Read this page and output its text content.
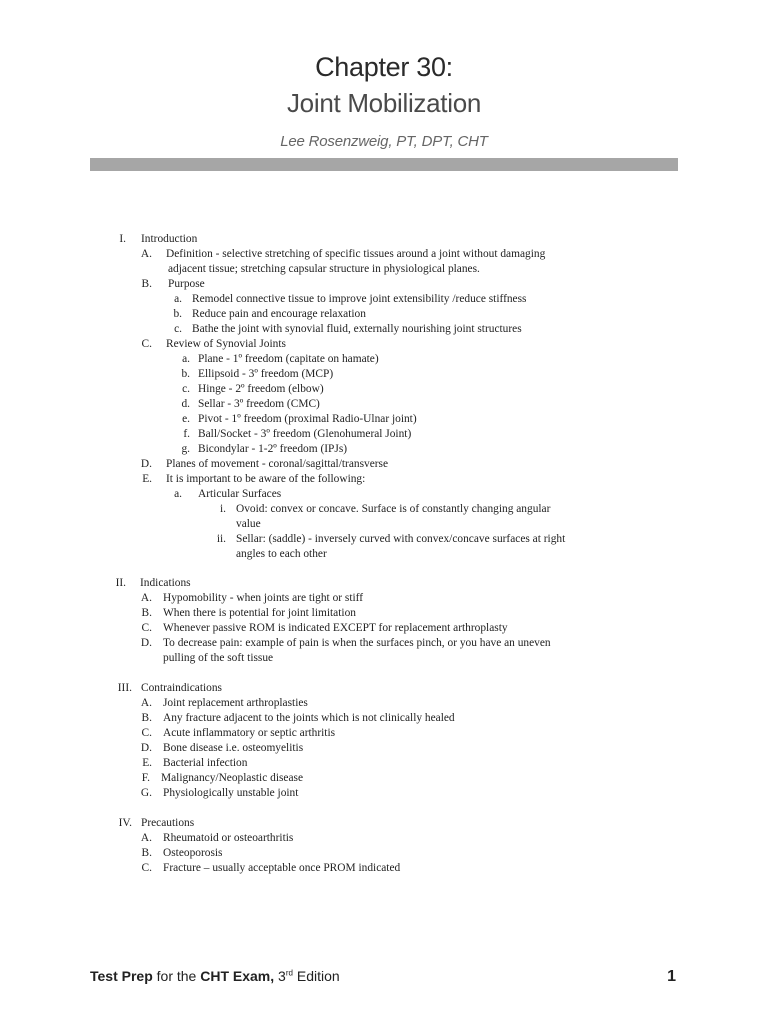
Chapter 30:
Joint Mobilization
Lee Rosenzweig, PT, DPT, CHT
I. Introduction
A. Definition - selective stretching of specific tissues around a joint without damaging
adjacent tissue; stretching capsular structure in physiological planes.
B. Purpose
a. Remodel connective tissue to improve joint extensibility /reduce stiffness
b. Reduce pain and encourage relaxation
c. Bathe the joint with synovial fluid, externally nourishing joint structures
C. Review of Synovial Joints
a. Plane - 1º freedom (capitate on hamate)
b. Ellipsoid - 3º freedom (MCP)
c. Hinge - 2º freedom (elbow)
d. Sellar - 3º freedom (CMC)
e. Pivot - 1º freedom (proximal Radio-Ulnar joint)
f. Ball/Socket - 3º freedom (Glenohumeral Joint)
g. Bicondylar - 1-2º freedom (IPJs)
D. Planes of movement - coronal/sagittal/transverse
E. It is important to be aware of the following:
a. Articular Surfaces
i. Ovoid: convex or concave. Surface is of constantly changing angular
value
ii. Sellar: (saddle) - inversely curved with convex/concave surfaces at right
angles to each other
II. Indications
A. Hypomobility - when joints are tight or stiff
B. When there is potential for joint limitation
C. Whenever passive ROM is indicated EXCEPT for replacement arthroplasty
D. To decrease pain: example of pain is when the surfaces pinch, or you have an uneven
pulling of the soft tissue
III. Contraindications
A. Joint replacement arthroplasties
B. Any fracture adjacent to the joints which is not clinically healed
C. Acute inflammatory or septic arthritis
D. Bone disease i.e. osteomyelitis
E. Bacterial infection
F. Malignancy/Neoplastic disease
G. Physiologically unstable joint
IV. Precautions
A. Rheumatoid or osteoarthritis
B. Osteoporosis
C. Fracture – usually acceptable once PROM indicated
Test Prep for the CHT Exam, 3rd Edition	1
